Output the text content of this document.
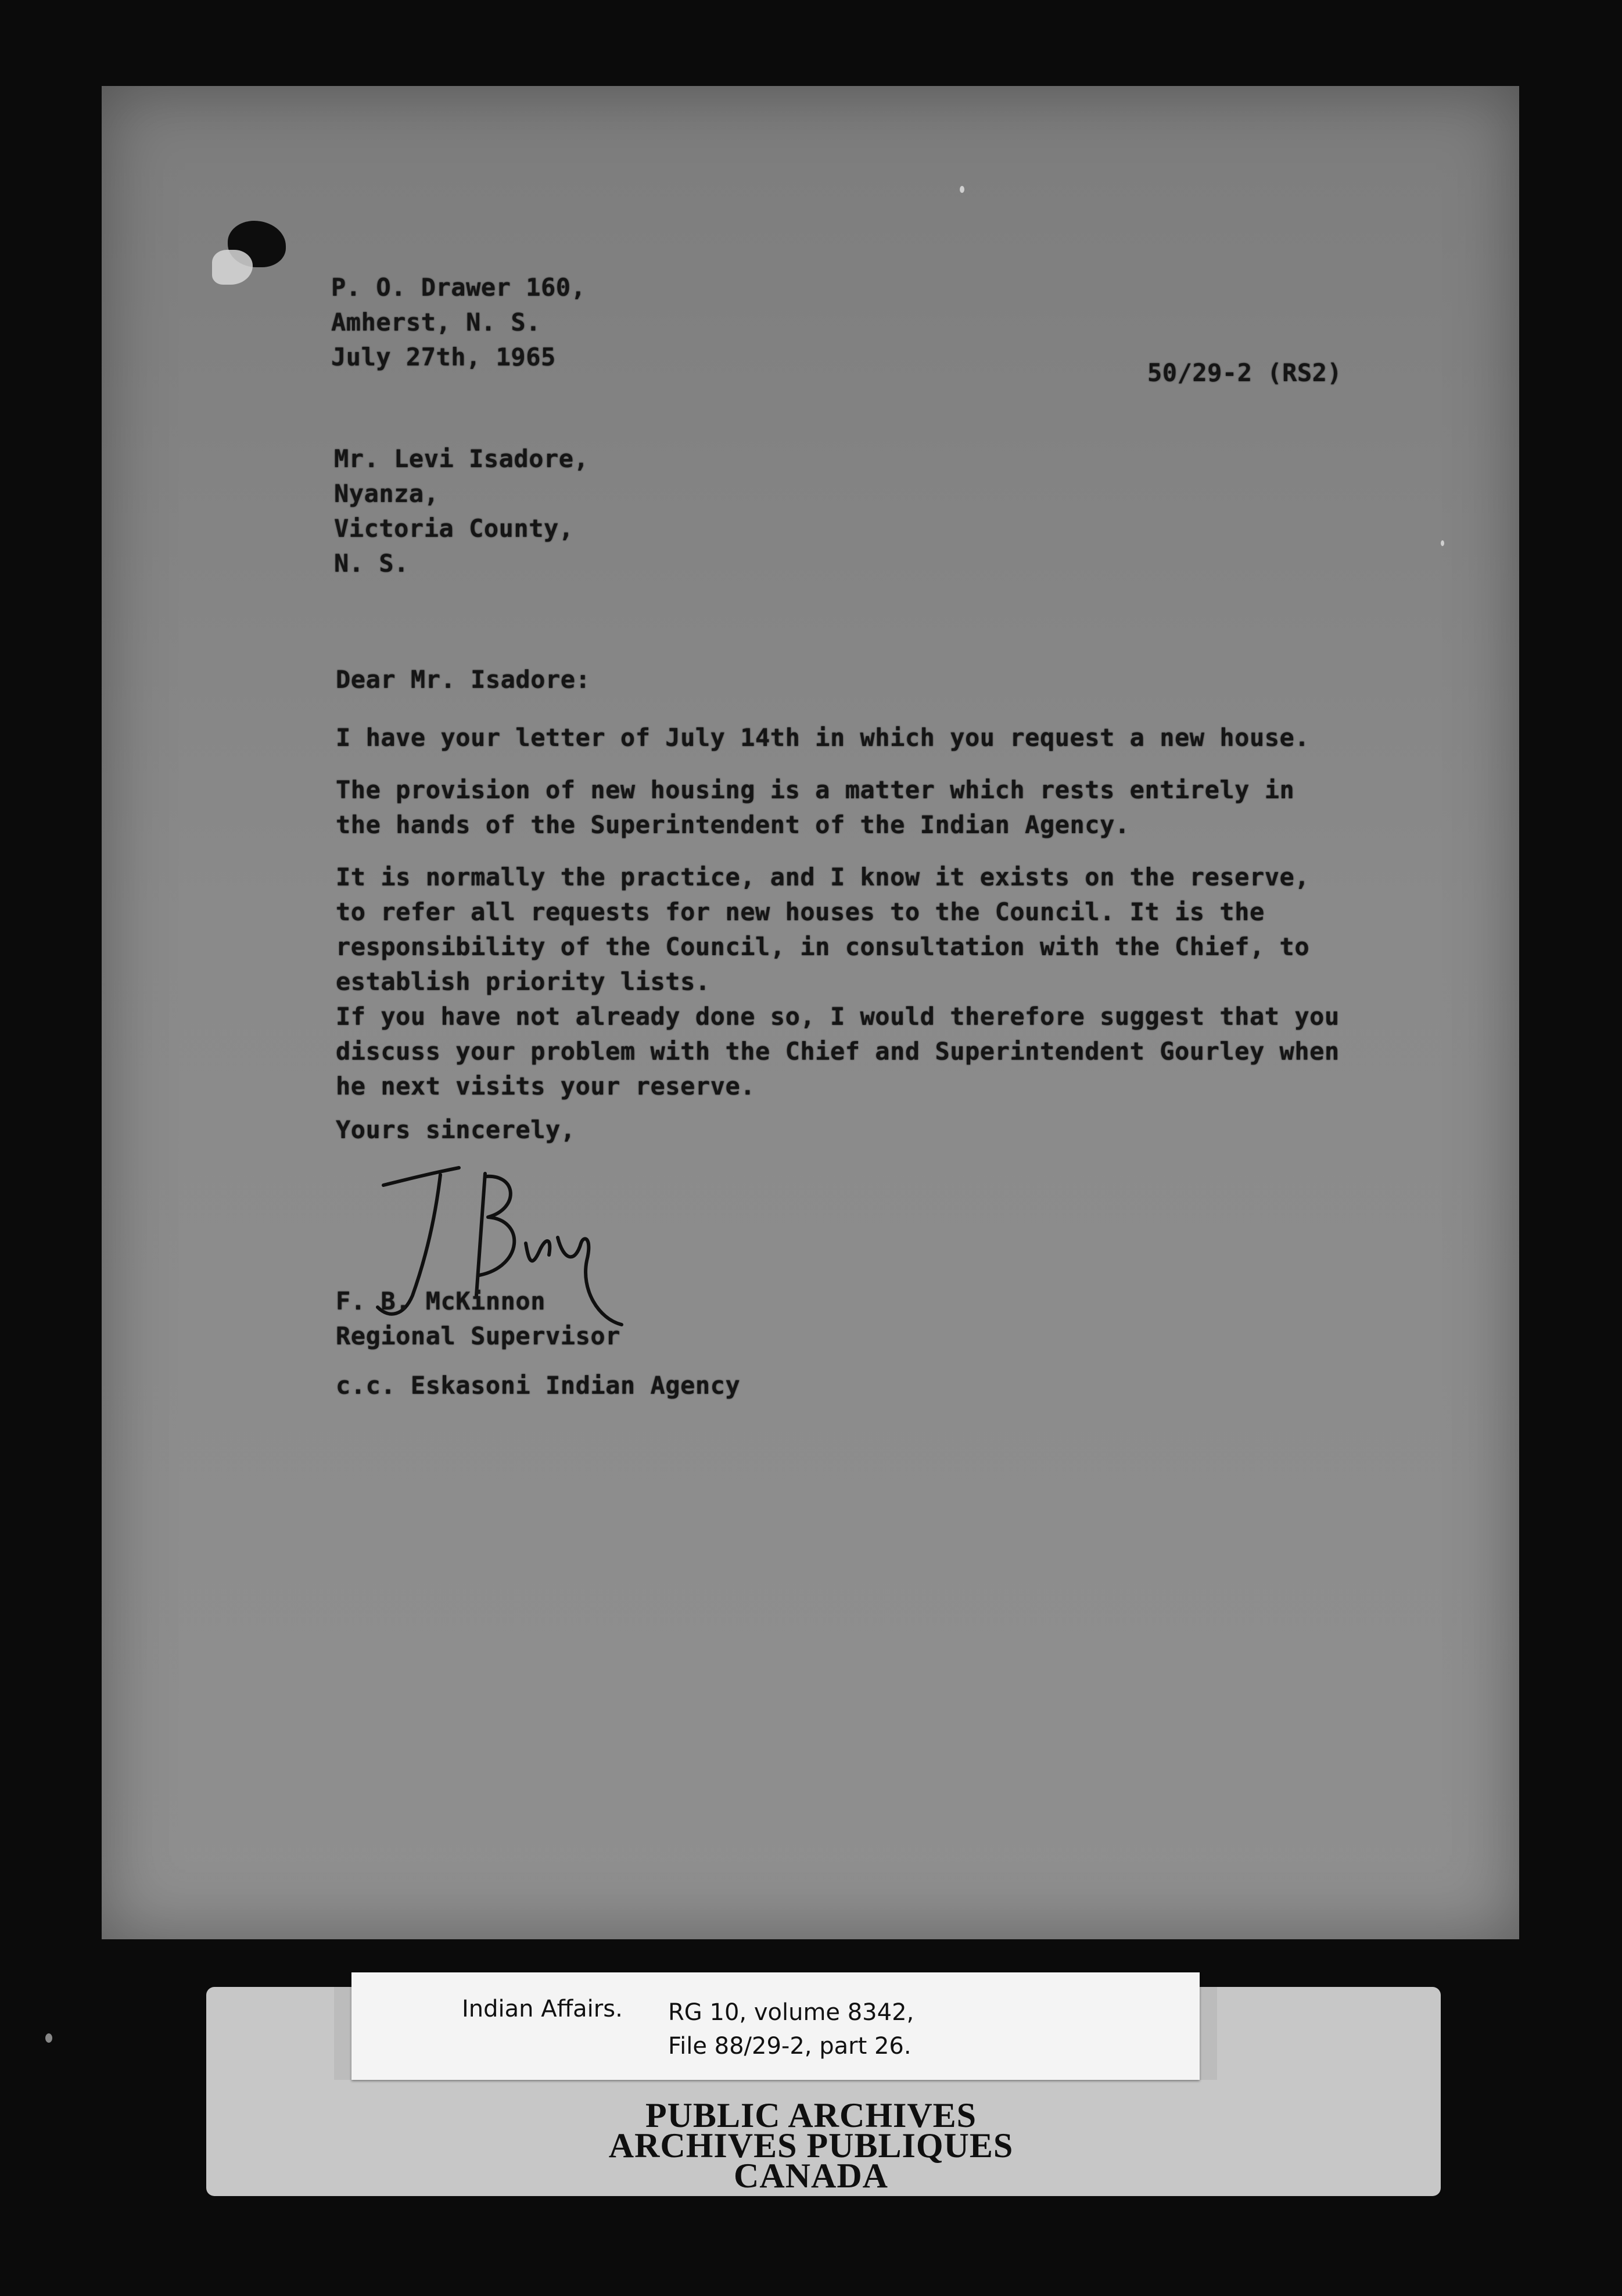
P. O. Drawer 160,
Amherst, N. S.
July 27th, 1965
50/29-2 (RS2)
Mr. Levi Isadore,
Nyanza,
Victoria County,
N. S.
Dear Mr. Isadore:
I have your letter of July 14th in which you request a new house.
The provision of new housing is a matter which rests entirely in
the hands of the Superintendent of the Indian Agency.
It is normally the practice, and I know it exists on the reserve,
to refer all requests for new houses to the Council. It is the
responsibility of the Council, in consultation with the Chief, to
establish priority lists.
If you have not already done so, I would therefore suggest that you
discuss your problem with the Chief and Superintendent Gourley when
he next visits your reserve.
Yours sincerely,
F. B. McKinnon
Regional Supervisor
c.c. Eskasoni Indian Agency
Indian Affairs. RG 10, volume 8342,
File 88/29-2, part 26.
PUBLIC ARCHIVES
ARCHIVES PUBLIQUES
CANADA
